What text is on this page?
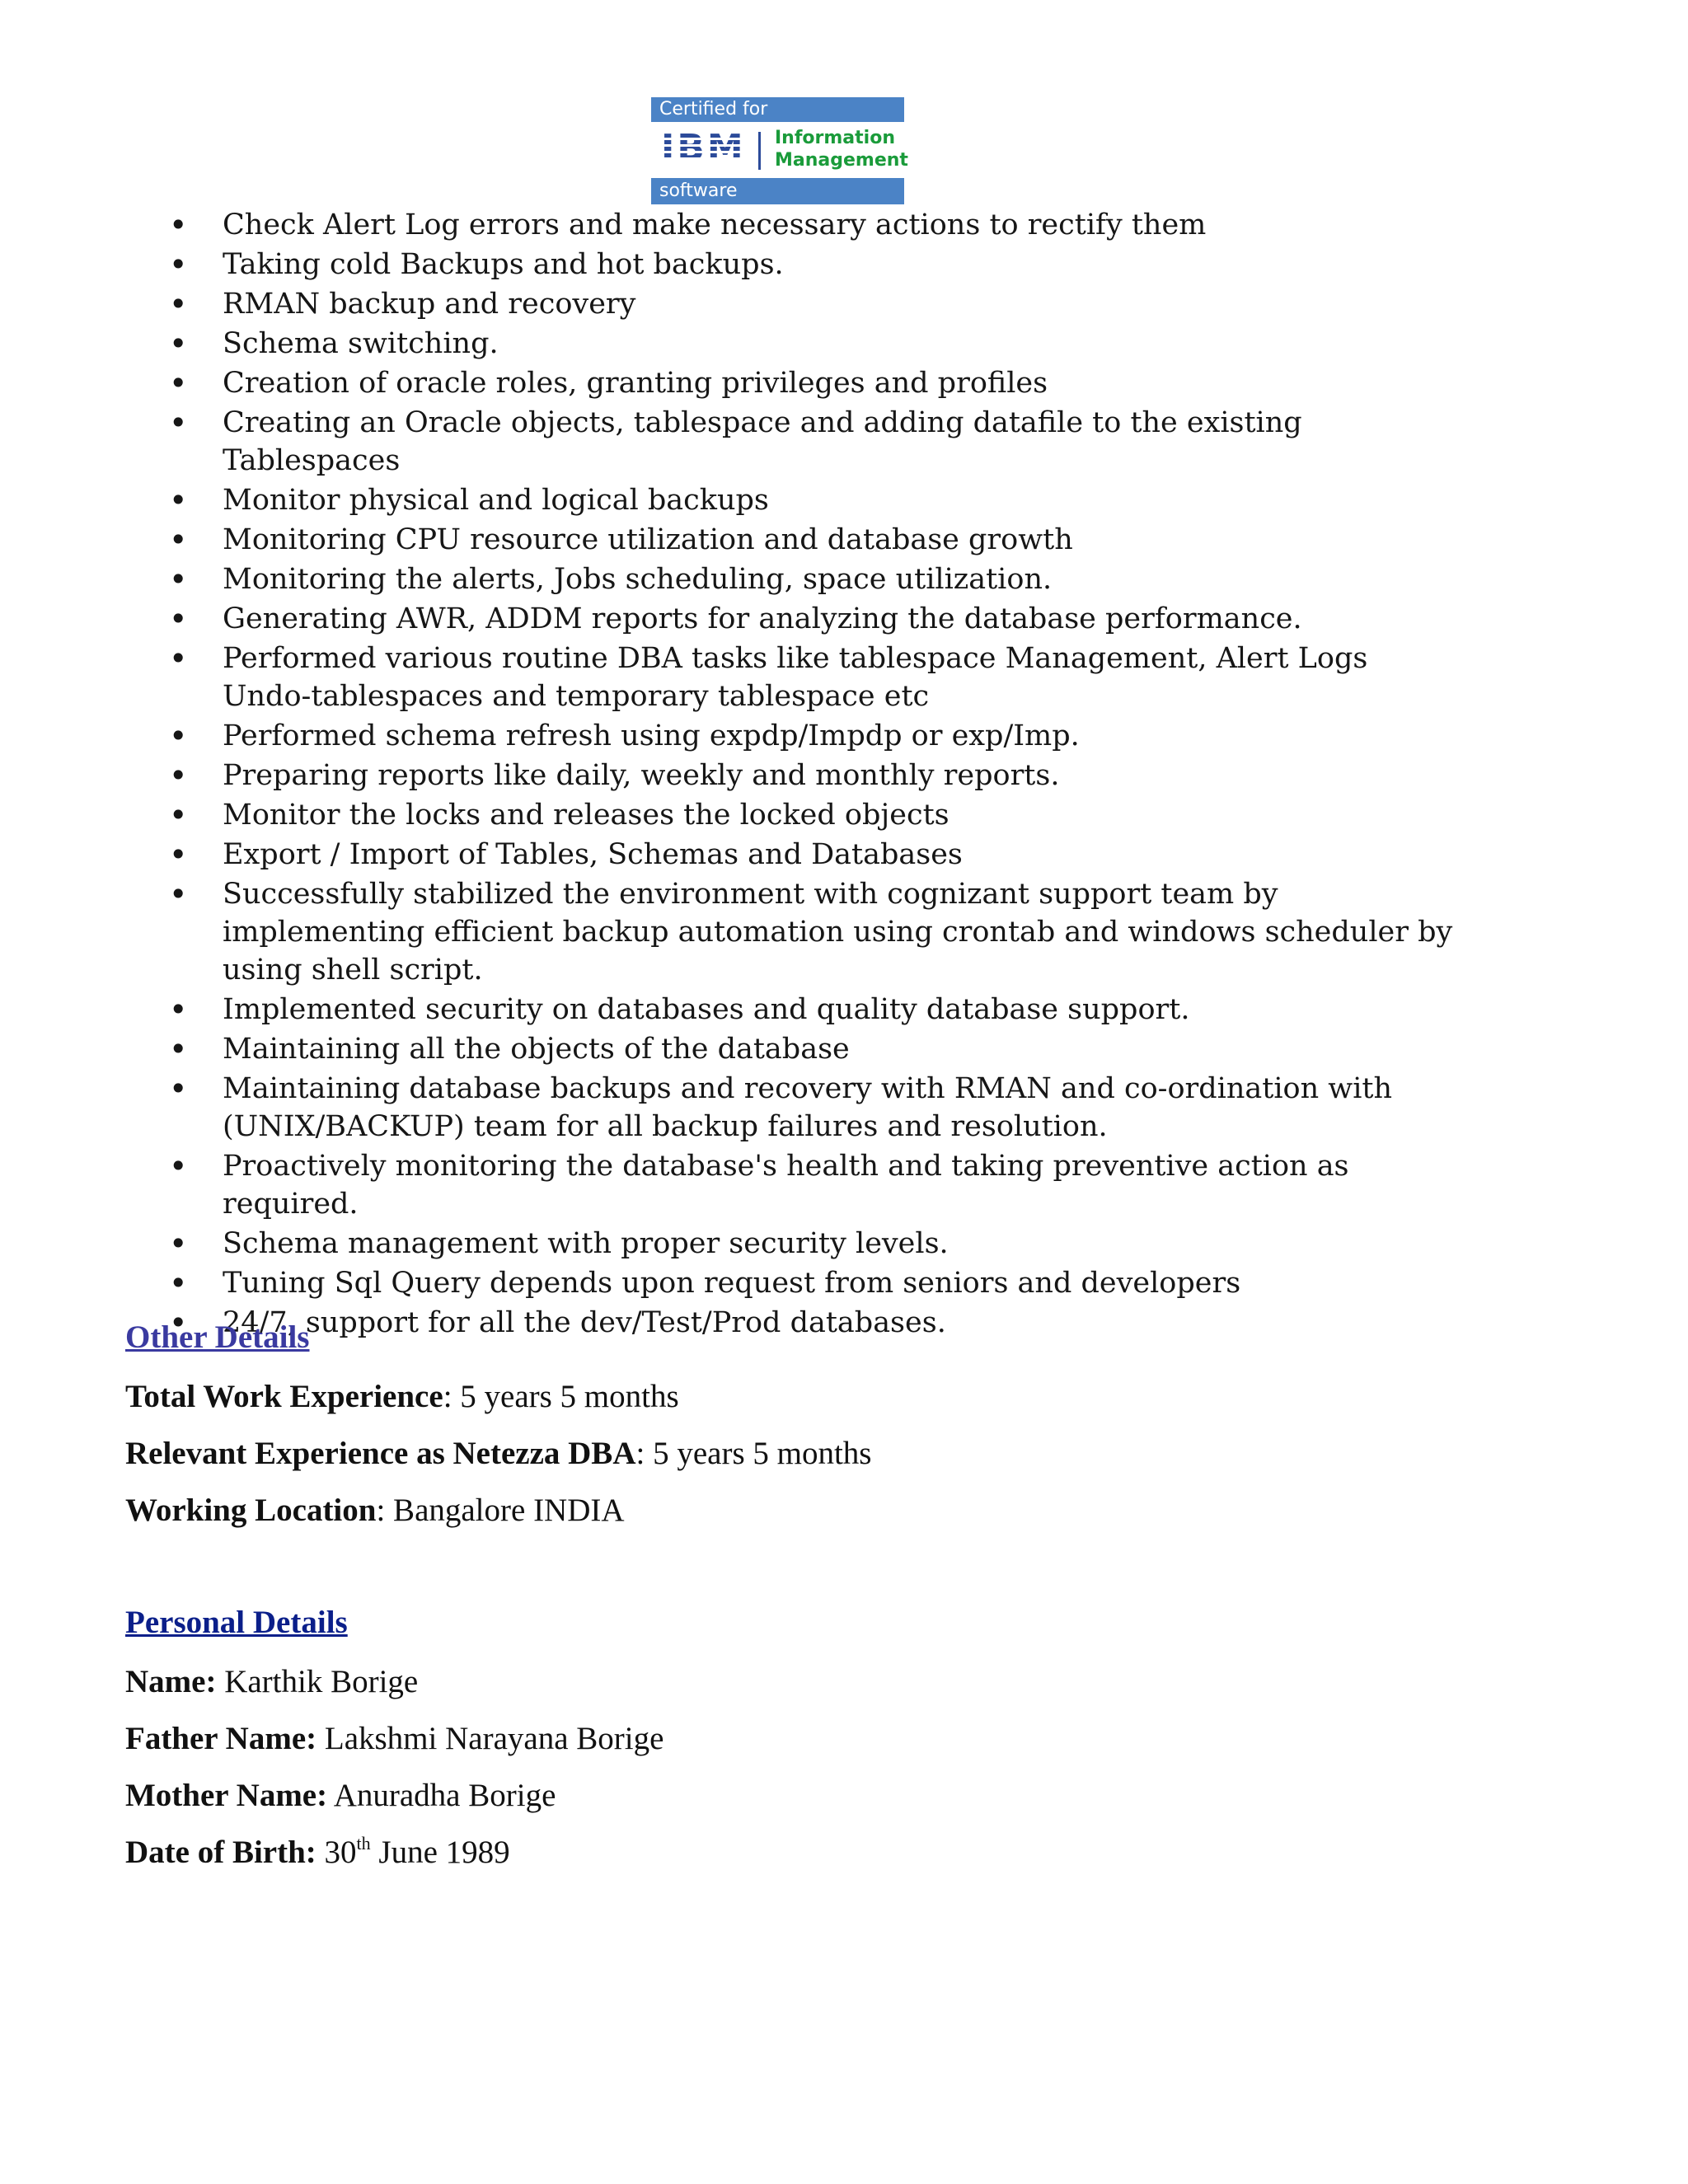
Certified for
IBM Information
Management
software
• Check Alert Log errors and make necessary actions to rectify them
• Taking cold Backups and hot backups.
• RMAN backup and recovery
• Schema switching.
• Creation of oracle roles, granting privileges and profiles
• Creating an Oracle objects, tablespace and adding datafile to the existing Tablespaces
• Monitor physical and logical backups
• Monitoring CPU resource utilization and database growth
• Monitoring the alerts, Jobs scheduling, space utilization.
• Generating AWR, ADDM reports for analyzing the database performance.
• Performed various routine DBA tasks like tablespace Management, Alert Logs Undo-tablespaces and temporary tablespace etc
• Performed schema refresh using expdp/Impdp or exp/Imp.
• Preparing reports like daily, weekly and monthly reports.
• Monitor the locks and releases the locked objects
• Export / Import of Tables, Schemas and Databases
• Successfully stabilized the environment with cognizant support team by implementing efficient backup automation using crontab and windows scheduler by using shell script.
• Implemented security on databases and quality database support.
• Maintaining all the objects of the database
• Maintaining database backups and recovery with RMAN and co-ordination with (UNIX/BACKUP) team for all backup failures and resolution.
• Proactively monitoring the database's health and taking preventive action as required.
• Schema management with proper security levels.
• Tuning Sql Query depends upon request from seniors and developers
• 24/7, support for all the dev/Test/Prod databases.
Other Details
Total Work Experience: 5 years 5 months
Relevant Experience as Netezza DBA: 5 years 5 months
Working Location: Bangalore INDIA
Personal Details
Name: Karthik Borige
Father Name: Lakshmi Narayana Borige
Mother Name: Anuradha Borige
Date of Birth: 30th June 1989
